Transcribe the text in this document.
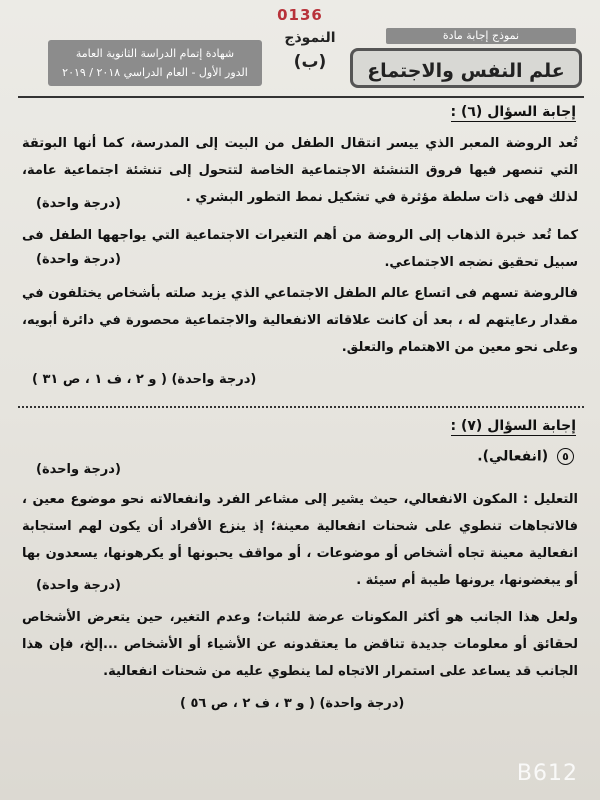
0136
نموذج إجابة مادة
علم النفس والاجتماع
النموذج
(ب)
شهادة إتمام الدراسة الثانوية العامة
الدور الأول - العام الدراسي ٢٠١٨ / ٢٠١٩
إجابة السؤال (٦) :
تُعد الروضة المعبر الذي ييسر انتقال الطفل من البيت إلى المدرسة، كما أنها البوتقة التي تنصهر فيها فروق التنشئة الاجتماعية الخاصة لتتحول إلى تنشئة اجتماعية عامة، لذلك فهى ذات سلطة مؤثرة في تشكيل نمط التطور البشري .
(درجة واحدة)
كما تُعد خبرة الذهاب إلى الروضة من أهم التغيرات الاجتماعية التي يواجهها الطفل فى سبيل تحقيق نضجه الاجتماعي.
(درجة واحدة)
فالروضة تسهم فى اتساع عالم الطفل الاجتماعي الذي يزيد صلته بأشخاص يختلفون في مقدار رعايتهم له ، بعد أن كانت علاقاته الانفعالية والاجتماعية محصورة في دائرة أبويه، وعلى نحو معين من الاهتمام والتعلق.
(درجة واحدة) ( و ٢ ، ف ١ ، ص ٣١ )
إجابة السؤال (٧) :
٥ (انفعالي).
(درجة واحدة)
التعليل : المكون الانفعالي، حيث يشير إلى مشاعر الفرد وانفعالاته نحو موضوع معين ، فالاتجاهات تنطوي على شحنات انفعالية معينة؛ إذ ينزع الأفراد أن يكون لهم استجابة انفعالية معينة تجاه أشخاص أو موضوعات ، أو مواقف يحبونها أو يكرهونها، يسعدون بها أو يبغضونها، يرونها طيبة أم سيئة .
(درجة واحدة)
ولعل هذا الجانب هو أكثر المكونات عرضة للثبات؛ وعدم التغير، حين يتعرض الأشخاص لحقائق أو معلومات جديدة تناقض ما يعتقدونه عن الأشياء أو الأشخاص ...إلخ، فإن هذا الجانب قد يساعد على استمرار الاتجاه لما ينطوي عليه من شحنات انفعالية.
(درجة واحدة) ( و ٣ ، ف ٢ ، ص ٥٦ )
B612
